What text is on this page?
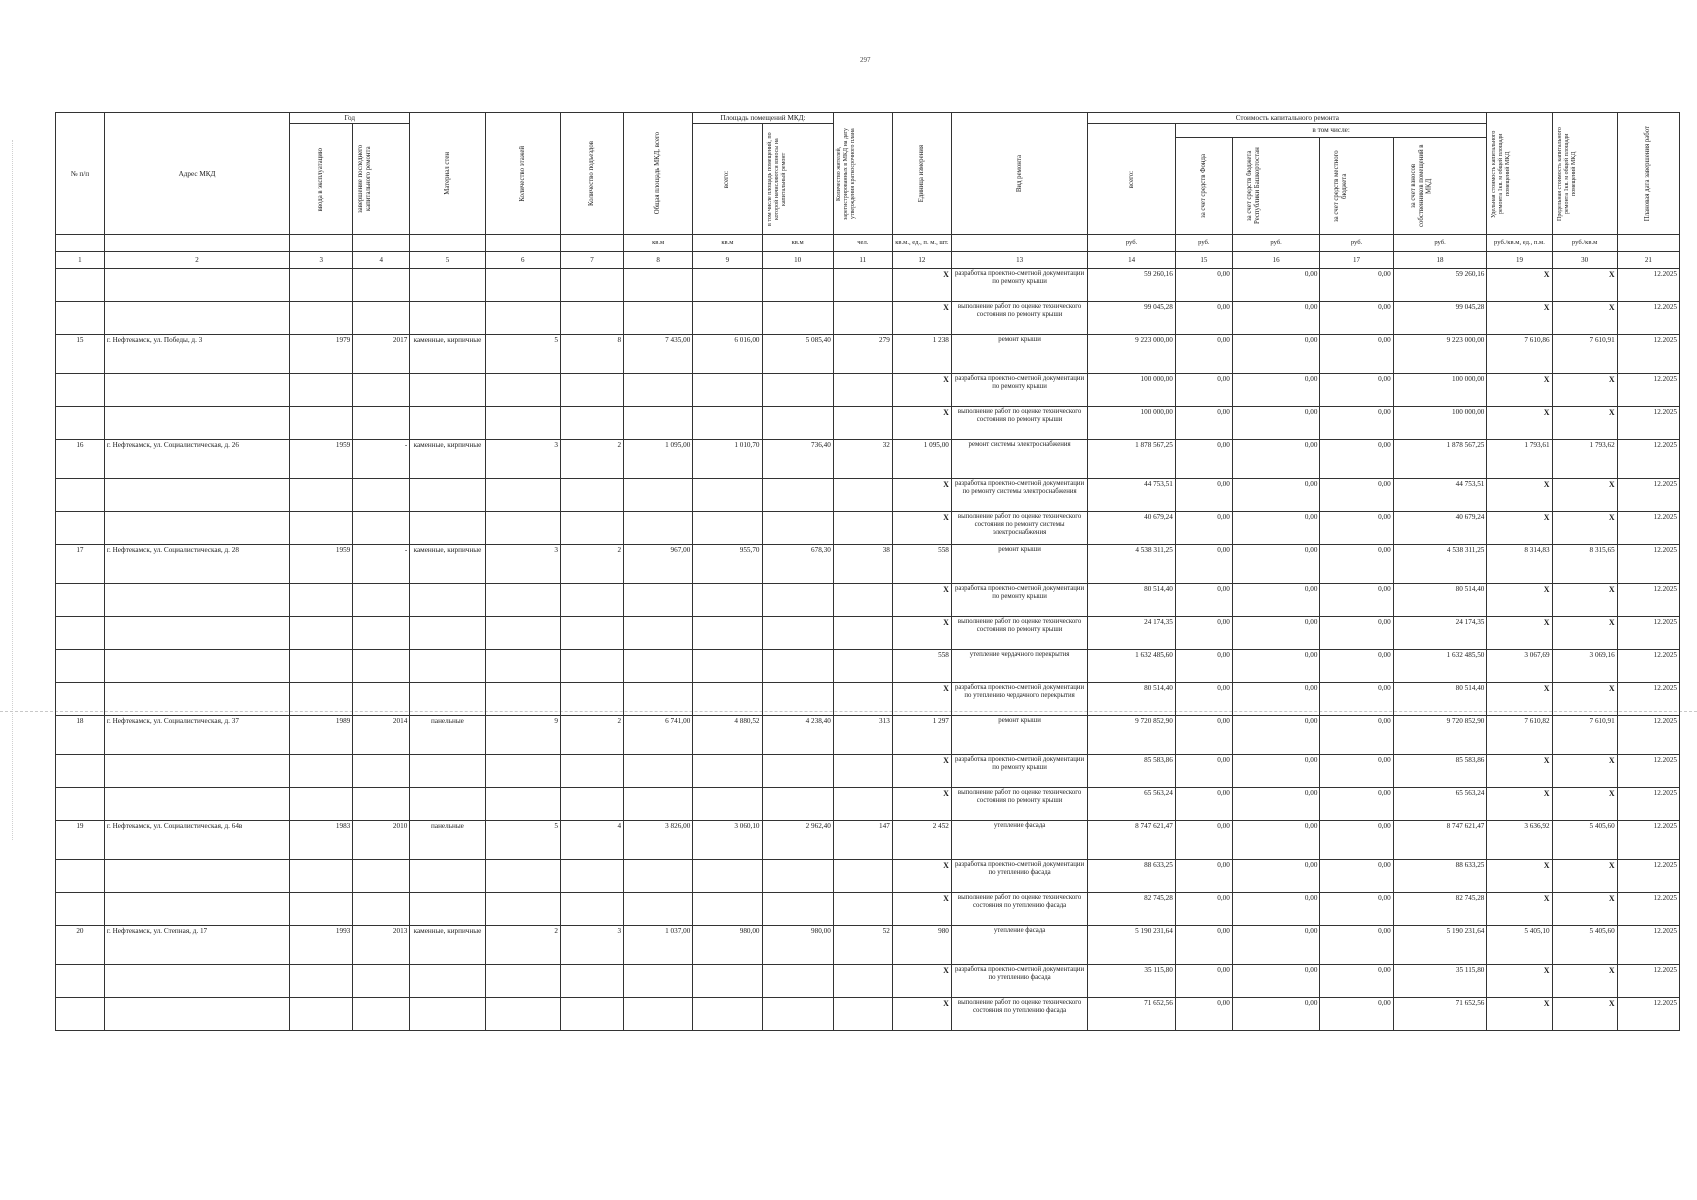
297
№ п/п	Адрес МКД	Год		Материал стен	Количество этажей	Количество подъездов	Общая площадь МКД, всего	Площадь помещений МКД:		Количество жителей, зарегистрированных в МКД на дату утверждения краткосрочного плана	Единица измерения	Вид ремонта	Стоимость капитального ремонта					Удельная стоимость капитального ремонта 1кв. м общей площади помещений МКД	Предельная стоимость капитального ремонта 1кв. м общей площади помещений МКД	Плановая дата завершения работ

		ввода в эксплуатацию	завершение последнего капитального ремонта					всего:	в том числе площадь помещений, по которой начисляются взносы на капитальный ремонт				всего:	в том числе:						

														за счет средств Фонда	за счет средств бюджета Республики Башкортостан	за счет средств местного бюджета	за счет взносов собственников помещений в МКД			

							кв.м	кв.м	кв.м	чел.	кв.м., ед., п. м., шт.		руб.	руб.	руб.	руб.	руб.	руб./кв.м, ед., п.м.	руб./кв.м	
1	2	3	4	5	6	7	8	9	10	11	12	13	14	15	16	17	18	19	30	21
											X	разработка проектно-сметной документации по ремонту крыши	59 260,16	0,00	0,00	0,00	59 260,16	X	X	12.2025
											X	выполнение работ по оценке технического состояния по ремонту крыши	99 045,28	0,00	0,00	0,00	99 045,28	X	X	12.2025
15	г. Нефтекамск, ул. Победы, д. 3	1979	2017	каменные, кирпичные	5	8	7 435,00	6 016,00	5 085,40	279	1 238	ремонт крыши	9 223 000,00	0,00	0,00	0,00	9 223 000,00	7 610,86	7 610,91	12.2025
											X	разработка проектно-сметной документации по ремонту крыши	100 000,00	0,00	0,00	0,00	100 000,00	X	X	12.2025
											X	выполнение работ по оценке технического состояния по ремонту крыши	100 000,00	0,00	0,00	0,00	100 000,00	X	X	12.2025
16	г. Нефтекамск, ул. Социалистическая, д. 26	1959	-	каменные, кирпичные	3	2	1 095,00	1 010,70	736,40	32	1 095,00	ремонт системы электроснабжения	1 878 567,25	0,00	0,00	0,00	1 878 567,25	1 793,61	1 793,62	12.2025
											X	разработка проектно-сметной документации по ремонту системы электроснабжения	44 753,51	0,00	0,00	0,00	44 753,51	X	X	12.2025
											X	выполнение работ по оценке технического состояния по ремонту системы электроснабжения	40 679,24	0,00	0,00	0,00	40 679,24	X	X	12.2025
17	г. Нефтекамск, ул. Социалистическая, д. 28	1959	-	каменные, кирпичные	3	2	967,00	955,70	678,30	38	558	ремонт крыши	4 538 311,25	0,00	0,00	0,00	4 538 311,25	8 314,83	8 315,65	12.2025
											X	разработка проектно-сметной документации по ремонту крыши	80 514,40	0,00	0,00	0,00	80 514,40	X	X	12.2025
											X	выполнение работ по оценке технического состояния по ремонту крыши	24 174,35	0,00	0,00	0,00	24 174,35	X	X	12.2025
											558	утепление чердачного перекрытия	1 632 485,60	0,00	0,00	0,00	1 632 485,50	3 067,69	3 069,16	12.2025
											X	разработка проектно-сметной документации по утеплению чердачного перекрытия	80 514,40	0,00	0,00	0,00	80 514,40	X	X	12.2025
18	г. Нефтекамск, ул. Социалистическая, д. 37	1989	2014	панельные	9	2	6 741,00	4 880,52	4 238,40	313	1 297	ремонт крыши	9 720 852,90	0,00	0,00	0,00	9 720 852,90	7 610,82	7 610,91	12.2025
											X	разработка проектно-сметной документации по ремонту крыши	85 583,86	0,00	0,00	0,00	85 583,86	X	X	12.2025
											X	выполнение работ по оценке технического состояния по ремонту крыши	65 563,24	0,00	0,00	0,00	65 563,24	X	X	12.2025
19	г. Нефтекамск, ул. Социалистическая, д. 64в	1983	2010	панельные	5	4	3 826,00	3 060,10	2 962,40	147	2 452	утепление фасада	8 747 621,47	0,00	0,00	0,00	8 747 621,47	3 636,92	5 405,60	12.2025
											X	разработка проектно-сметной документации по утеплению фасада	88 633,25	0,00	0,00	0,00	88 633,25	X	X	12.2025
											X	выполнение работ по оценке технического состояния по утеплению фасада	82 745,28	0,00	0,00	0,00	82 745,28	X	X	12.2025
20	г. Нефтекамск, ул. Степная, д. 17	1993	2013	каменные, кирпичные	2	3	1 037,00	980,00	980,00	52	980	утепление фасада	5 190 231,64	0,00	0,00	0,00	5 190 231,64	5 405,10	5 405,60	12.2025
											X	разработка проектно-сметной документации по утеплению фасада	35 115,80	0,00	0,00	0,00	35 115,80	X	X	12.2025
											X	выполнение работ по оценке технического состояния по утеплению фасада	71 652,56	0,00	0,00	0,00	71 652,56	X	X	12.2025
